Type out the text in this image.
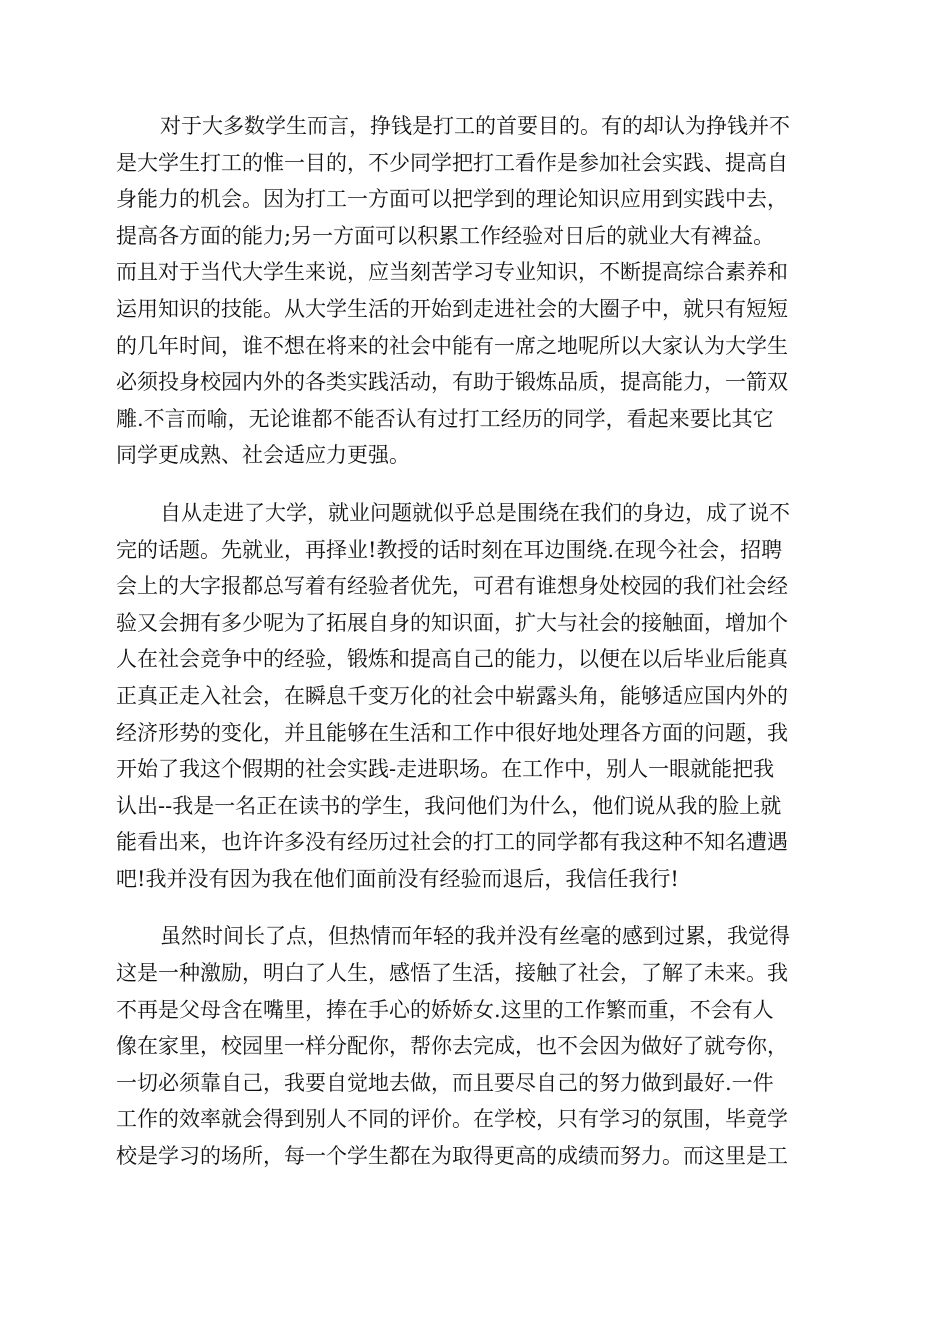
对于大多数学生而言，挣钱是打工的首要目的。有的却认为挣钱并不
是大学生打工的惟一目的，不少同学把打工看作是参加社会实践、提高自
身能力的机会。因为打工一方面可以把学到的理论知识应用到实践中去，
提高各方面的能力;另一方面可以积累工作经验对日后的就业大有裨益。
而且对于当代大学生来说，应当刻苦学习专业知识，不断提高综合素养和
运用知识的技能。从大学生活的开始到走进社会的大圈子中，就只有短短
的几年时间，谁不想在将来的社会中能有一席之地呢所以大家认为大学生
必须投身校园内外的各类实践活动，有助于锻炼品质，提高能力，一箭双
雕.不言而喻，无论谁都不能否认有过打工经历的同学，看起来要比其它
同学更成熟、社会适应力更强。
自从走进了大学，就业问题就似乎总是围绕在我们的身边，成了说不
完的话题。先就业，再择业!教授的话时刻在耳边围绕.在现今社会，招聘
会上的大字报都总写着有经验者优先，可君有谁想身处校园的我们社会经
验又会拥有多少呢为了拓展自身的知识面，扩大与社会的接触面，增加个
人在社会竞争中的经验，锻炼和提高自己的能力，以便在以后毕业后能真
正真正走入社会，在瞬息千变万化的社会中崭露头角，能够适应国内外的
经济形势的变化，并且能够在生活和工作中很好地处理各方面的问题，我
开始了我这个假期的社会实践-走进职场。在工作中，别人一眼就能把我
认出--我是一名正在读书的学生，我问他们为什么，他们说从我的脸上就
能看出来，也许许多没有经历过社会的打工的同学都有我这种不知名遭遇
吧!我并没有因为我在他们面前没有经验而退后，我信任我行!
虽然时间长了点，但热情而年轻的我并没有丝毫的感到过累，我觉得
这是一种激励，明白了人生，感悟了生活，接触了社会，了解了未来。我
不再是父母含在嘴里，捧在手心的娇娇女.这里的工作繁而重，不会有人
像在家里，校园里一样分配你，帮你去完成，也不会因为做好了就夸你，
一切必须靠自己，我要自觉地去做，而且要尽自己的努力做到最好.一件
工作的效率就会得到别人不同的评价。在学校，只有学习的氛围，毕竟学
校是学习的场所，每一个学生都在为取得更高的成绩而努力。而这里是工
